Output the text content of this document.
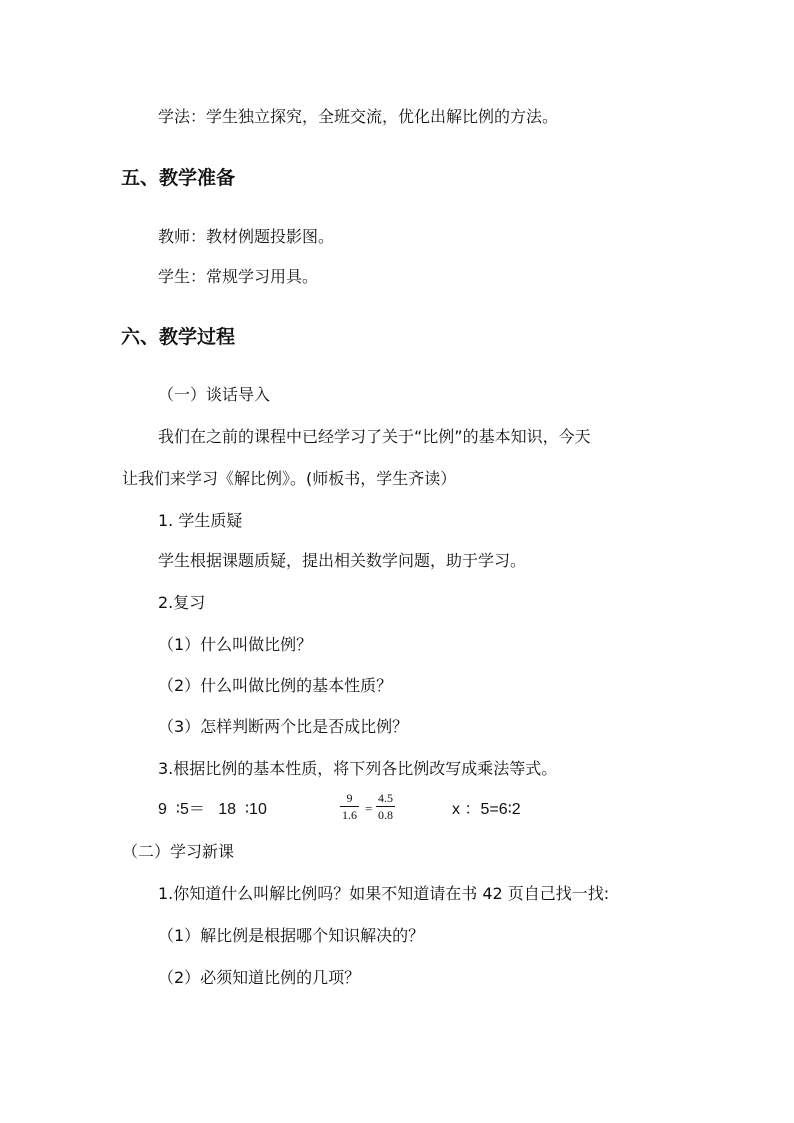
学法：学生独立探究，全班交流，优化出解比例的方法。
五、教学准备
教师：教材例题投影图。
学生：常规学习用具。
六、教学过程
（一）谈话导入
我们在之前的课程中已经学习了关于“比例”的基本知识，今天
让我们来学习《解比例》。(师板书，学生齐读）
1. 学生质疑
学生根据课题质疑，提出相关数学问题，助于学习。
2.复习
（1）什么叫做比例？
（2）什么叫做比例的基本性质？
（3）怎样判断两个比是否成比例？
3.根据比例的基本性质，将下列各比例改写成乘法等式。
9  ∶5＝   18  ∶10	$\frac{9}{1.6} = \frac{4.5}{0.8}$	x ：5=6∶2
（二）学习新课
1.你知道什么叫解比例吗？如果不知道请在书 42 页自己找一找:
（1）解比例是根据哪个知识解决的？
（2）必须知道比例的几项？
